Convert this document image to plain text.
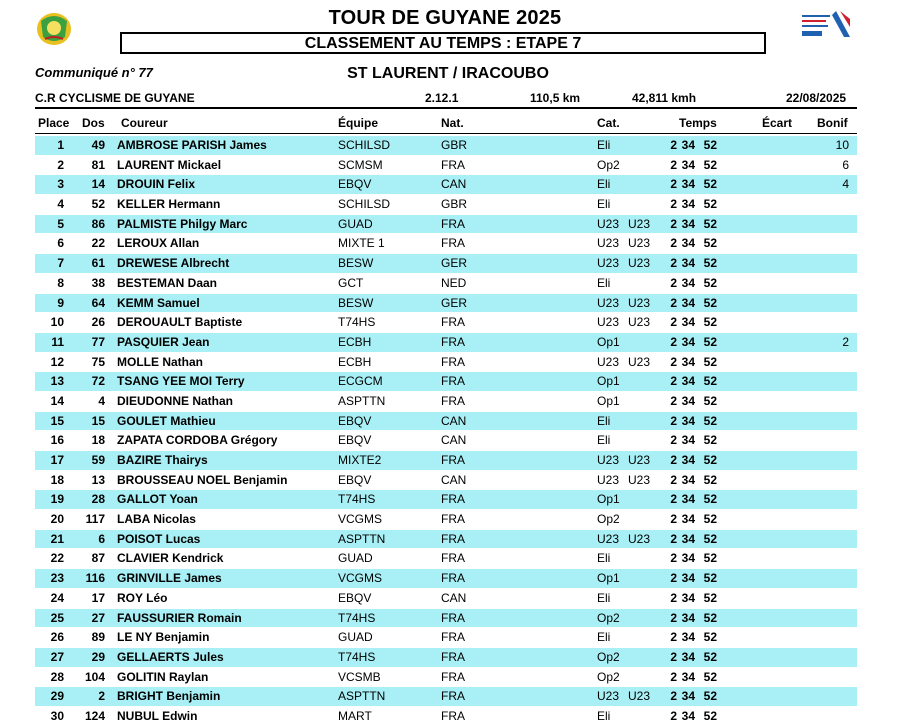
TOUR DE GUYANE 2025
CLASSEMENT AU TEMPS : ETAPE 7
Communiqué n° 77	ST LAURENT / IRACOUBO
C.R CYCLISME DE GUYANE	2.12.1	110,5 km	42,811 kmh	22/08/2025
Place Dos Coureur	Équipe	Nat.	Cat.	Temps	Écart Bonif
1	49 AMBROSE PARISH James	SCHILSD	GBR	Eli	2 34 52	10
2	81 LAURENT Mickael	SCMSM	FRA	Op2	2 34 52	6
3	14 DROUIN Felix	EBQV	CAN	Eli	2 34 52	4
4	52 KELLER Hermann	SCHILSD	GBR	Eli	2 34 52
5	86 PALMISTE Philgy Marc	GUAD	FRA	U23 U23	2 34 52
6	22 LEROUX Allan	MIXTE 1	FRA	U23 U23	2 34 52
7	61 DREWESE Albrecht	BESW	GER	U23 U23	2 34 52
8	38 BESTEMAN Daan	GCT	NED	Eli	2 34 52
9	64 KEMM Samuel	BESW	GER	U23 U23	2 34 52
10	26 DEROUAULT Baptiste	T74HS	FRA	U23 U23	2 34 52
11	77 PASQUIER Jean	ECBH	FRA	Op1	2 34 52	2
12	75 MOLLE Nathan	ECBH	FRA	U23 U23	2 34 52
13	72 TSANG YEE MOI Terry	ECGCM	FRA	Op1	2 34 52
14	4 DIEUDONNE Nathan	ASPTTN	FRA	Op1	2 34 52
15	15 GOULET Mathieu	EBQV	CAN	Eli	2 34 52
16	18 ZAPATA CORDOBA Grégory	EBQV	CAN	Eli	2 34 52
17	59 BAZIRE Thairys	MIXTE2	FRA	U23 U23	2 34 52
18	13 BROUSSEAU NOEL Benjamin	EBQV	CAN	U23 U23	2 34 52
19	28 GALLOT Yoan	T74HS	FRA	Op1	2 34 52
20	117 LABA Nicolas	VCGMS	FRA	Op2	2 34 52
21	6 POISOT Lucas	ASPTTN	FRA	U23 U23	2 34 52
22	87 CLAVIER Kendrick	GUAD	FRA	Eli	2 34 52
23	116 GRINVILLE James	VCGMS	FRA	Op1	2 34 52
24	17 ROY Léo	EBQV	CAN	Eli	2 34 52
25	27 FAUSSURIER Romain	T74HS	FRA	Op2	2 34 52
26	89 LE NY Benjamin	GUAD	FRA	Eli	2 34 52
27	29 GELLAERTS Jules	T74HS	FRA	Op2	2 34 52
28	104 GOLITIN Raylan	VCSMB	FRA	Op2	2 34 52
29	2 BRIGHT Benjamin	ASPTTN	FRA	U23 U23	2 34 52
30	124 NUBUL Edwin	MART	FRA	Eli	2 34 52
